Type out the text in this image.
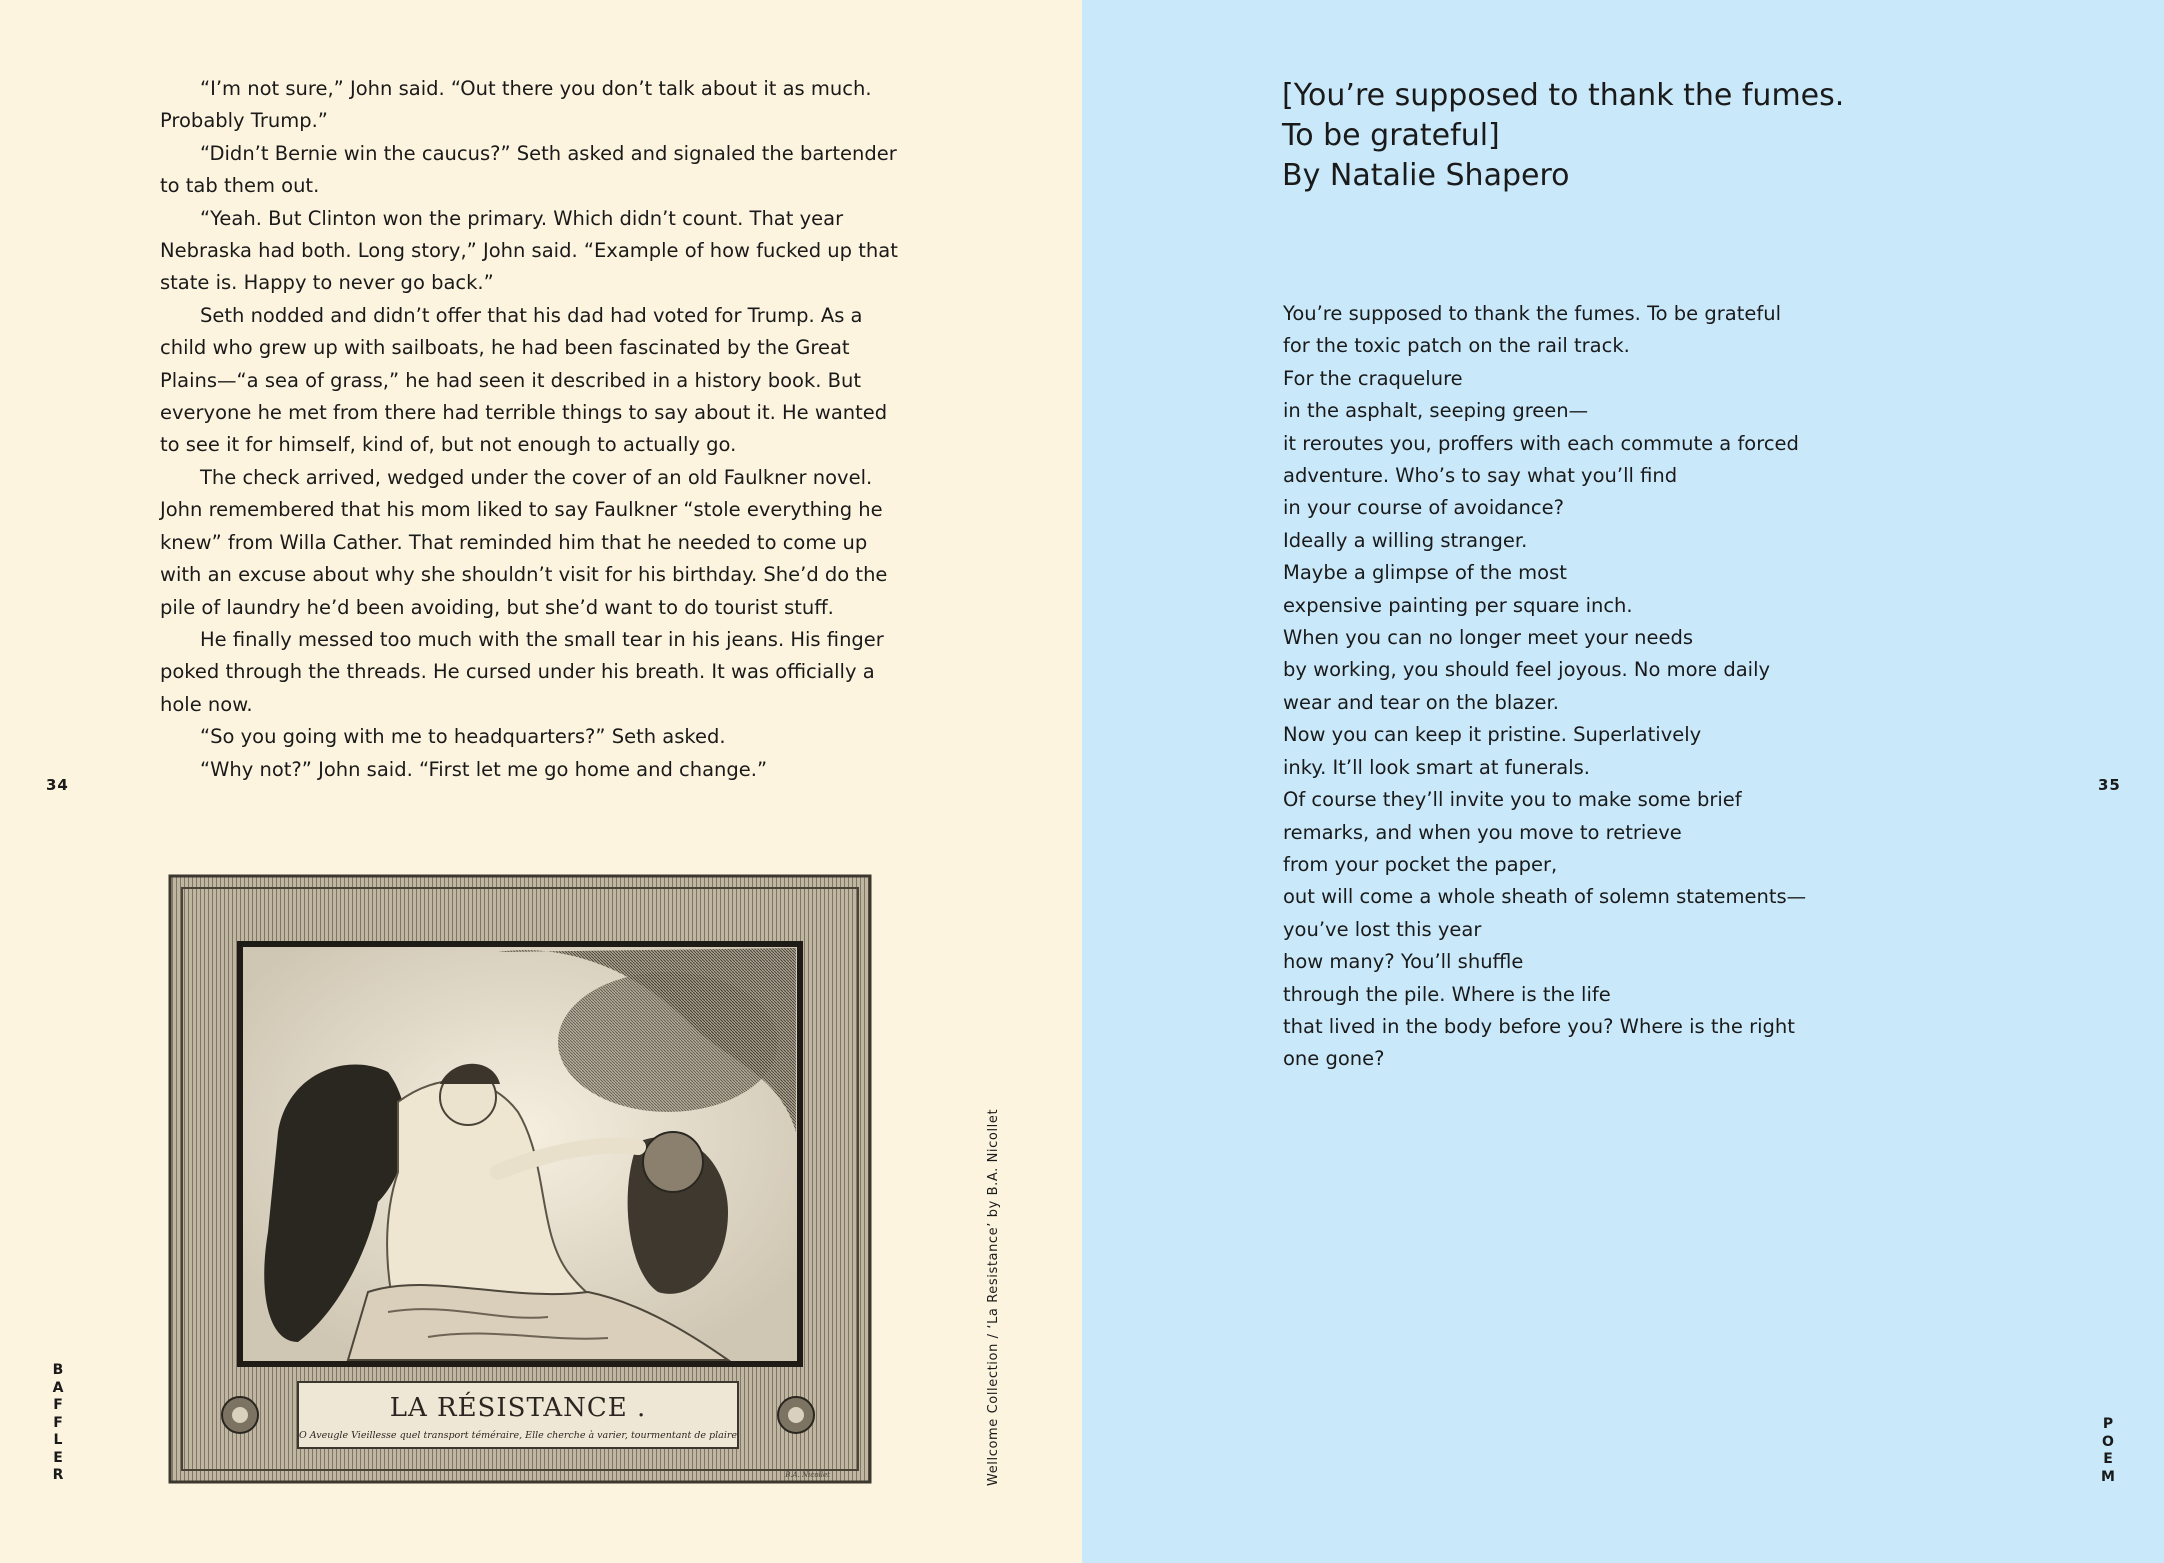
“I’m not sure,” John said. “Out there you don’t talk about it as much. Probably Trump.”

“Didn’t Bernie win the caucus?” Seth asked and signaled the bartender to tab them out.

“Yeah. But Clinton won the primary. Which didn’t count. That year Nebraska had both. Long story,” John said. “Example of how fucked up that state is. Happy to never go back.”

Seth nodded and didn’t offer that his dad had voted for Trump. As a child who grew up with sailboats, he had been fascinated by the Great Plains—“a sea of grass,” he had seen it described in a history book. But everyone he met from there had terrible things to say about it. He wanted to see it for himself, kind of, but not enough to actually go.

The check arrived, wedged under the cover of an old Faulkner novel. John remembered that his mom liked to say Faulkner “stole everything he knew” from Willa Cather. That reminded him that he needed to come up with an excuse about why she shouldn’t visit for his birthday. She’d do the pile of laundry he’d been avoiding, but she’d want to do tourist stuff.

He finally messed too much with the small tear in his jeans. His finger poked through the threads. He cursed under his breath. It was officially a hole now.

“So you going with me to headquarters?” Seth asked.

“Why not?” John said. “First let me go home and change.”

34
B
A
F
F
L
E
R	Wellcome Collection / ‘La Resistance’ by B.A. Nicollet
LA RÉSISTANCE .
O Aveugle Vieillesse quel transport téméraire, Elle cherche à varier, tourmentant de plaire
B.A. Nicollet
[You’re supposed to thank the fumes.
To be grateful]
By Natalie Shapero
You’re supposed to thank the fumes. To be grateful
for the toxic patch on the rail track.
For the craquelure
in the asphalt, seeping green—
it reroutes you, proffers with each commute a forced
adventure. Who’s to say what you’ll find
in your course of avoidance?
Ideally a willing stranger.
Maybe a glimpse of the most
expensive painting per square inch.
When you can no longer meet your needs
by working, you should feel joyous. No more daily
wear and tear on the blazer.
Now you can keep it pristine. Superlatively
inky. It’ll look smart at funerals.
Of course they’ll invite you to make some brief
remarks, and when you move to retrieve
from your pocket the paper,
out will come a whole sheath of solemn statements—
you’ve lost this year
how many? You’ll shuffle
through the pile. Where is the life
that lived in the body before you? Where is the right
one gone?
35
P
O
E
M
